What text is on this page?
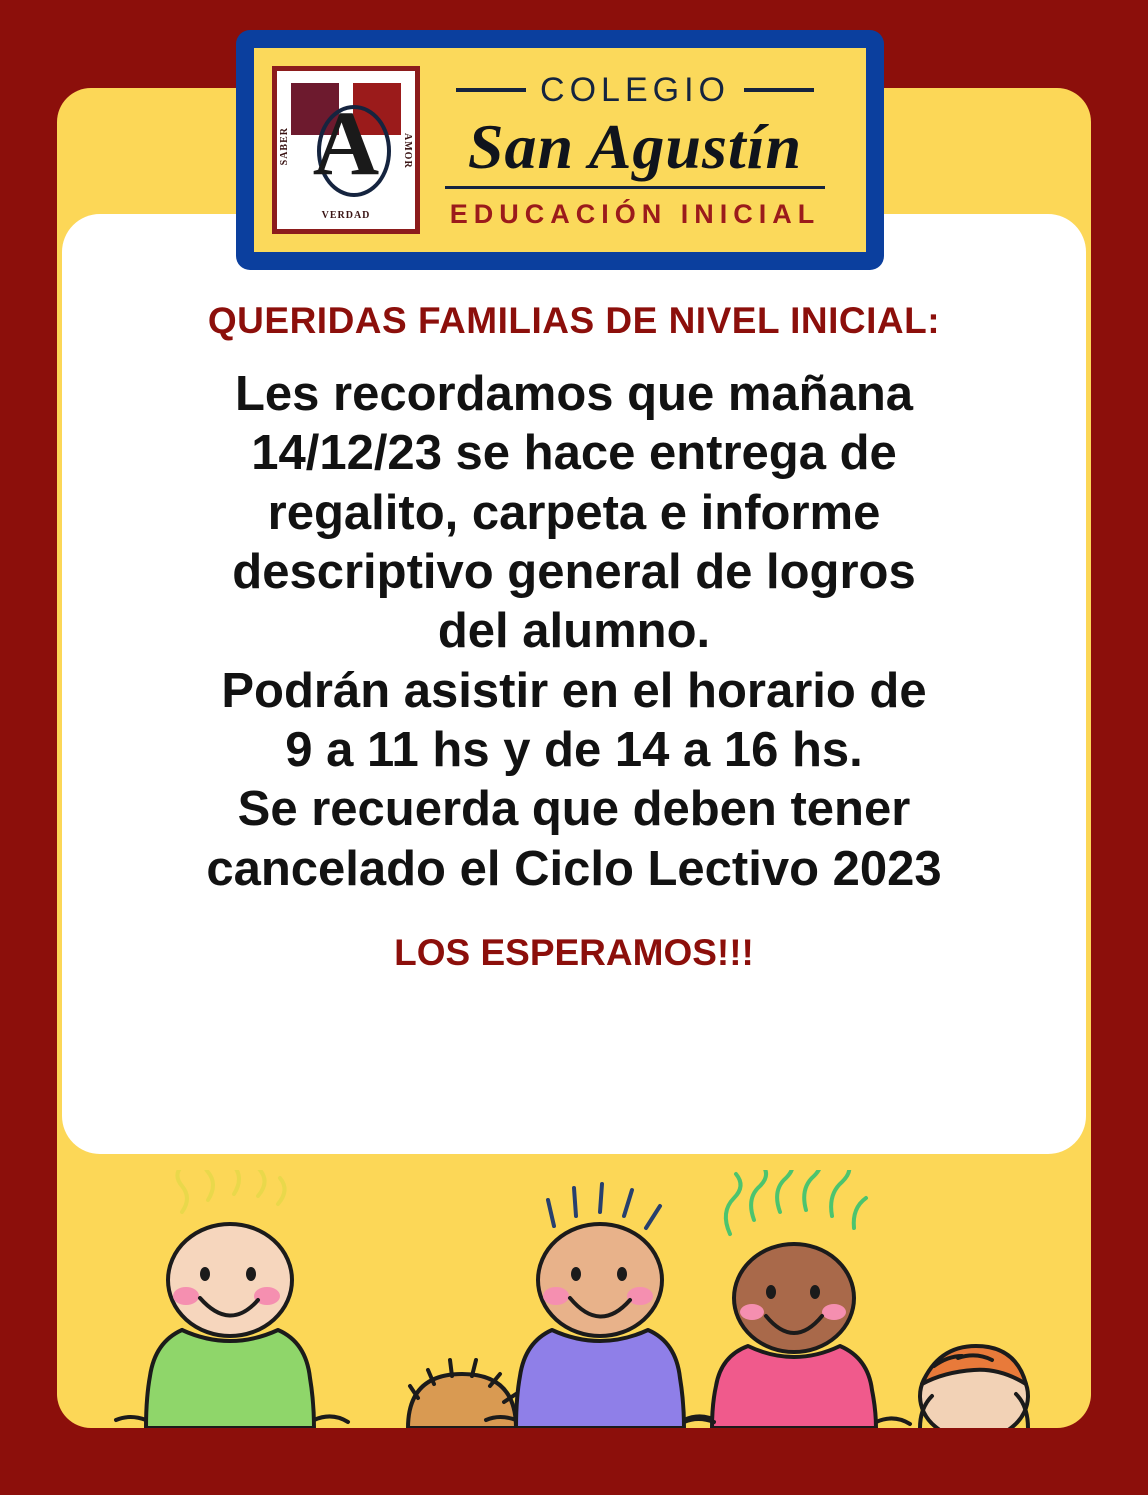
A
SABER	AMOR
VERDAD
COLEGIO
San Agustín
EDUCACIÓN INICIAL
QUERIDAS FAMILIAS DE NIVEL INICIAL:

Les recordamos que mañana

14/12/23 se hace entrega de

regalito, carpeta e informe

descriptivo general de logros

del alumno.

Podrán asistir en el horario de

9 a 11 hs y de 14 a 16 hs.

Se recuerda que deben tener

cancelado el Ciclo Lectivo 2023

LOS ESPERAMOS!!!
